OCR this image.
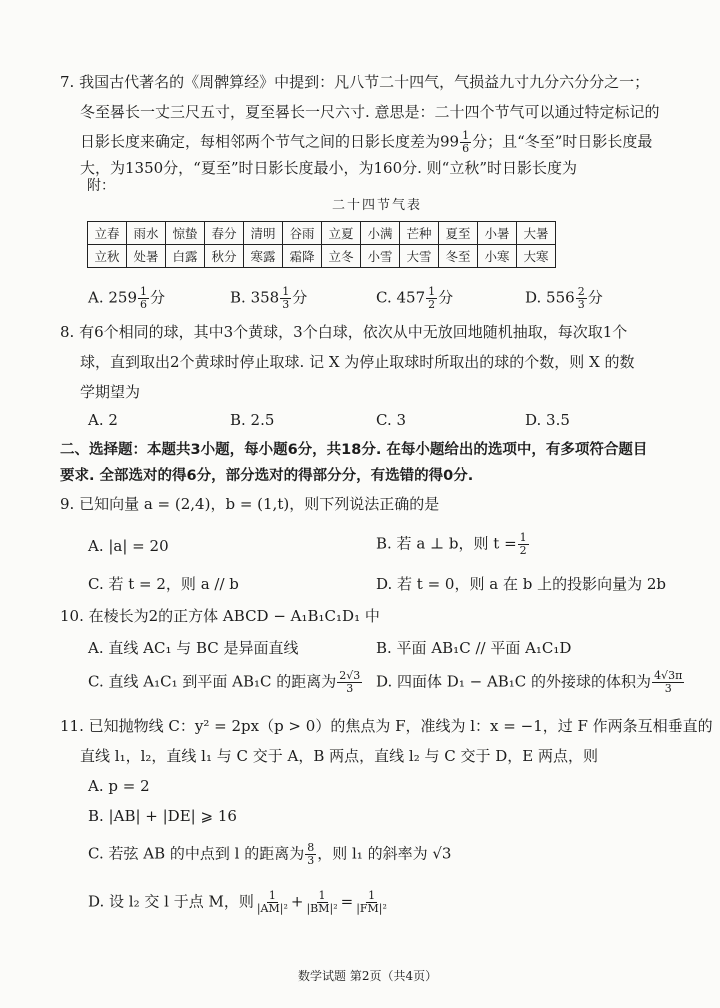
7. 我国古代著名的《周髀算经》中提到：凡八节二十四气，气损益九寸九分六分分之一；
冬至晷长一丈三尺五寸，夏至晷长一尺六寸. 意思是：二十四个节气可以通过特定标记的
日影长度来确定，每相邻两个节气之间的日影长度差为$99 \frac{1}{6}$ 分；且“冬至”时日影长度最
大，为1350分，“夏至”时日影长度最小，为160分. 则“立秋”时日影长度为
附：
二十四节气表
立春	雨水	惊蛰	春分	清明	谷雨	立夏	小满	芒种	夏至	小暑	大暑
立秋	处暑	白露	秋分	寒露	霜降	立冬	小雪	大雪	冬至	小寒	大寒
A. $259 \frac{1}{6}$ 分	B. $358 \frac{1}{3}$ 分	C. $457 \frac{1}{2}$ 分	D. $556 \frac{2}{3}$ 分
8. 有6个相同的球，其中3个黄球，3个白球，依次从中无放回地随机抽取，每次取1个
球，直到取出2个黄球时停止取球. 记 X 为停止取球时所取出的球的个数，则 X 的数
学期望为
A. 2	B. 2.5	C. 3	D. 3.5
二、选择题：本题共3小题，每小题6分，共18分. 在每小题给出的选项中，有多项符合题目
要求. 全部选对的得6分，部分选对的得部分分，有选错的得0分.
9. 已知向量 a = (2,4)，b = (1,t)，则下列说法正确的是
A. |a| = 20	B. 若 a ⊥ b，则 $t = \frac{1}{2}$
C. 若 t = 2，则 a // b	D. 若 t = 0，则 a 在 b 上的投影向量为 2b
10. 在棱长为2的正方体 ABCD − A₁B₁C₁D₁ 中
A. 直线 AC₁ 与 BC 是异面直线	B. 平面 AB₁C // 平面 A₁C₁D
C. 直线 A₁C₁ 到平面 AB₁C 的距离为 $\frac{2√3}{3} D$. 四面体 D₁ − AB₁C 的外接球的体积为 $\frac{4√3\pi}{3}$
11. 已知抛物线 C：y² = 2px（p > 0）的焦点为 F，准线为 l：x = −1，过 F 作两条互相垂直的
直线 l₁，l₂，直线 l₁ 与 C 交于 A，B 两点，直线 l₂ 与 C 交于 D，E 两点，则
A. p = 2
B. |AB| + |DE| ⩾ 16
C. 若弦 AB 的中点到 l 的距离为 $\frac{8}{3}$ ，则 l₁ 的斜率为 √3
D. 设 l₂ 交 l 于点 M，则 $\frac{1}{\text{|AM|²}} + \frac{1}{\text{|BM|²}} = \frac{1}{\text{|FM|²}}$
数学试题 第2页（共4页）
